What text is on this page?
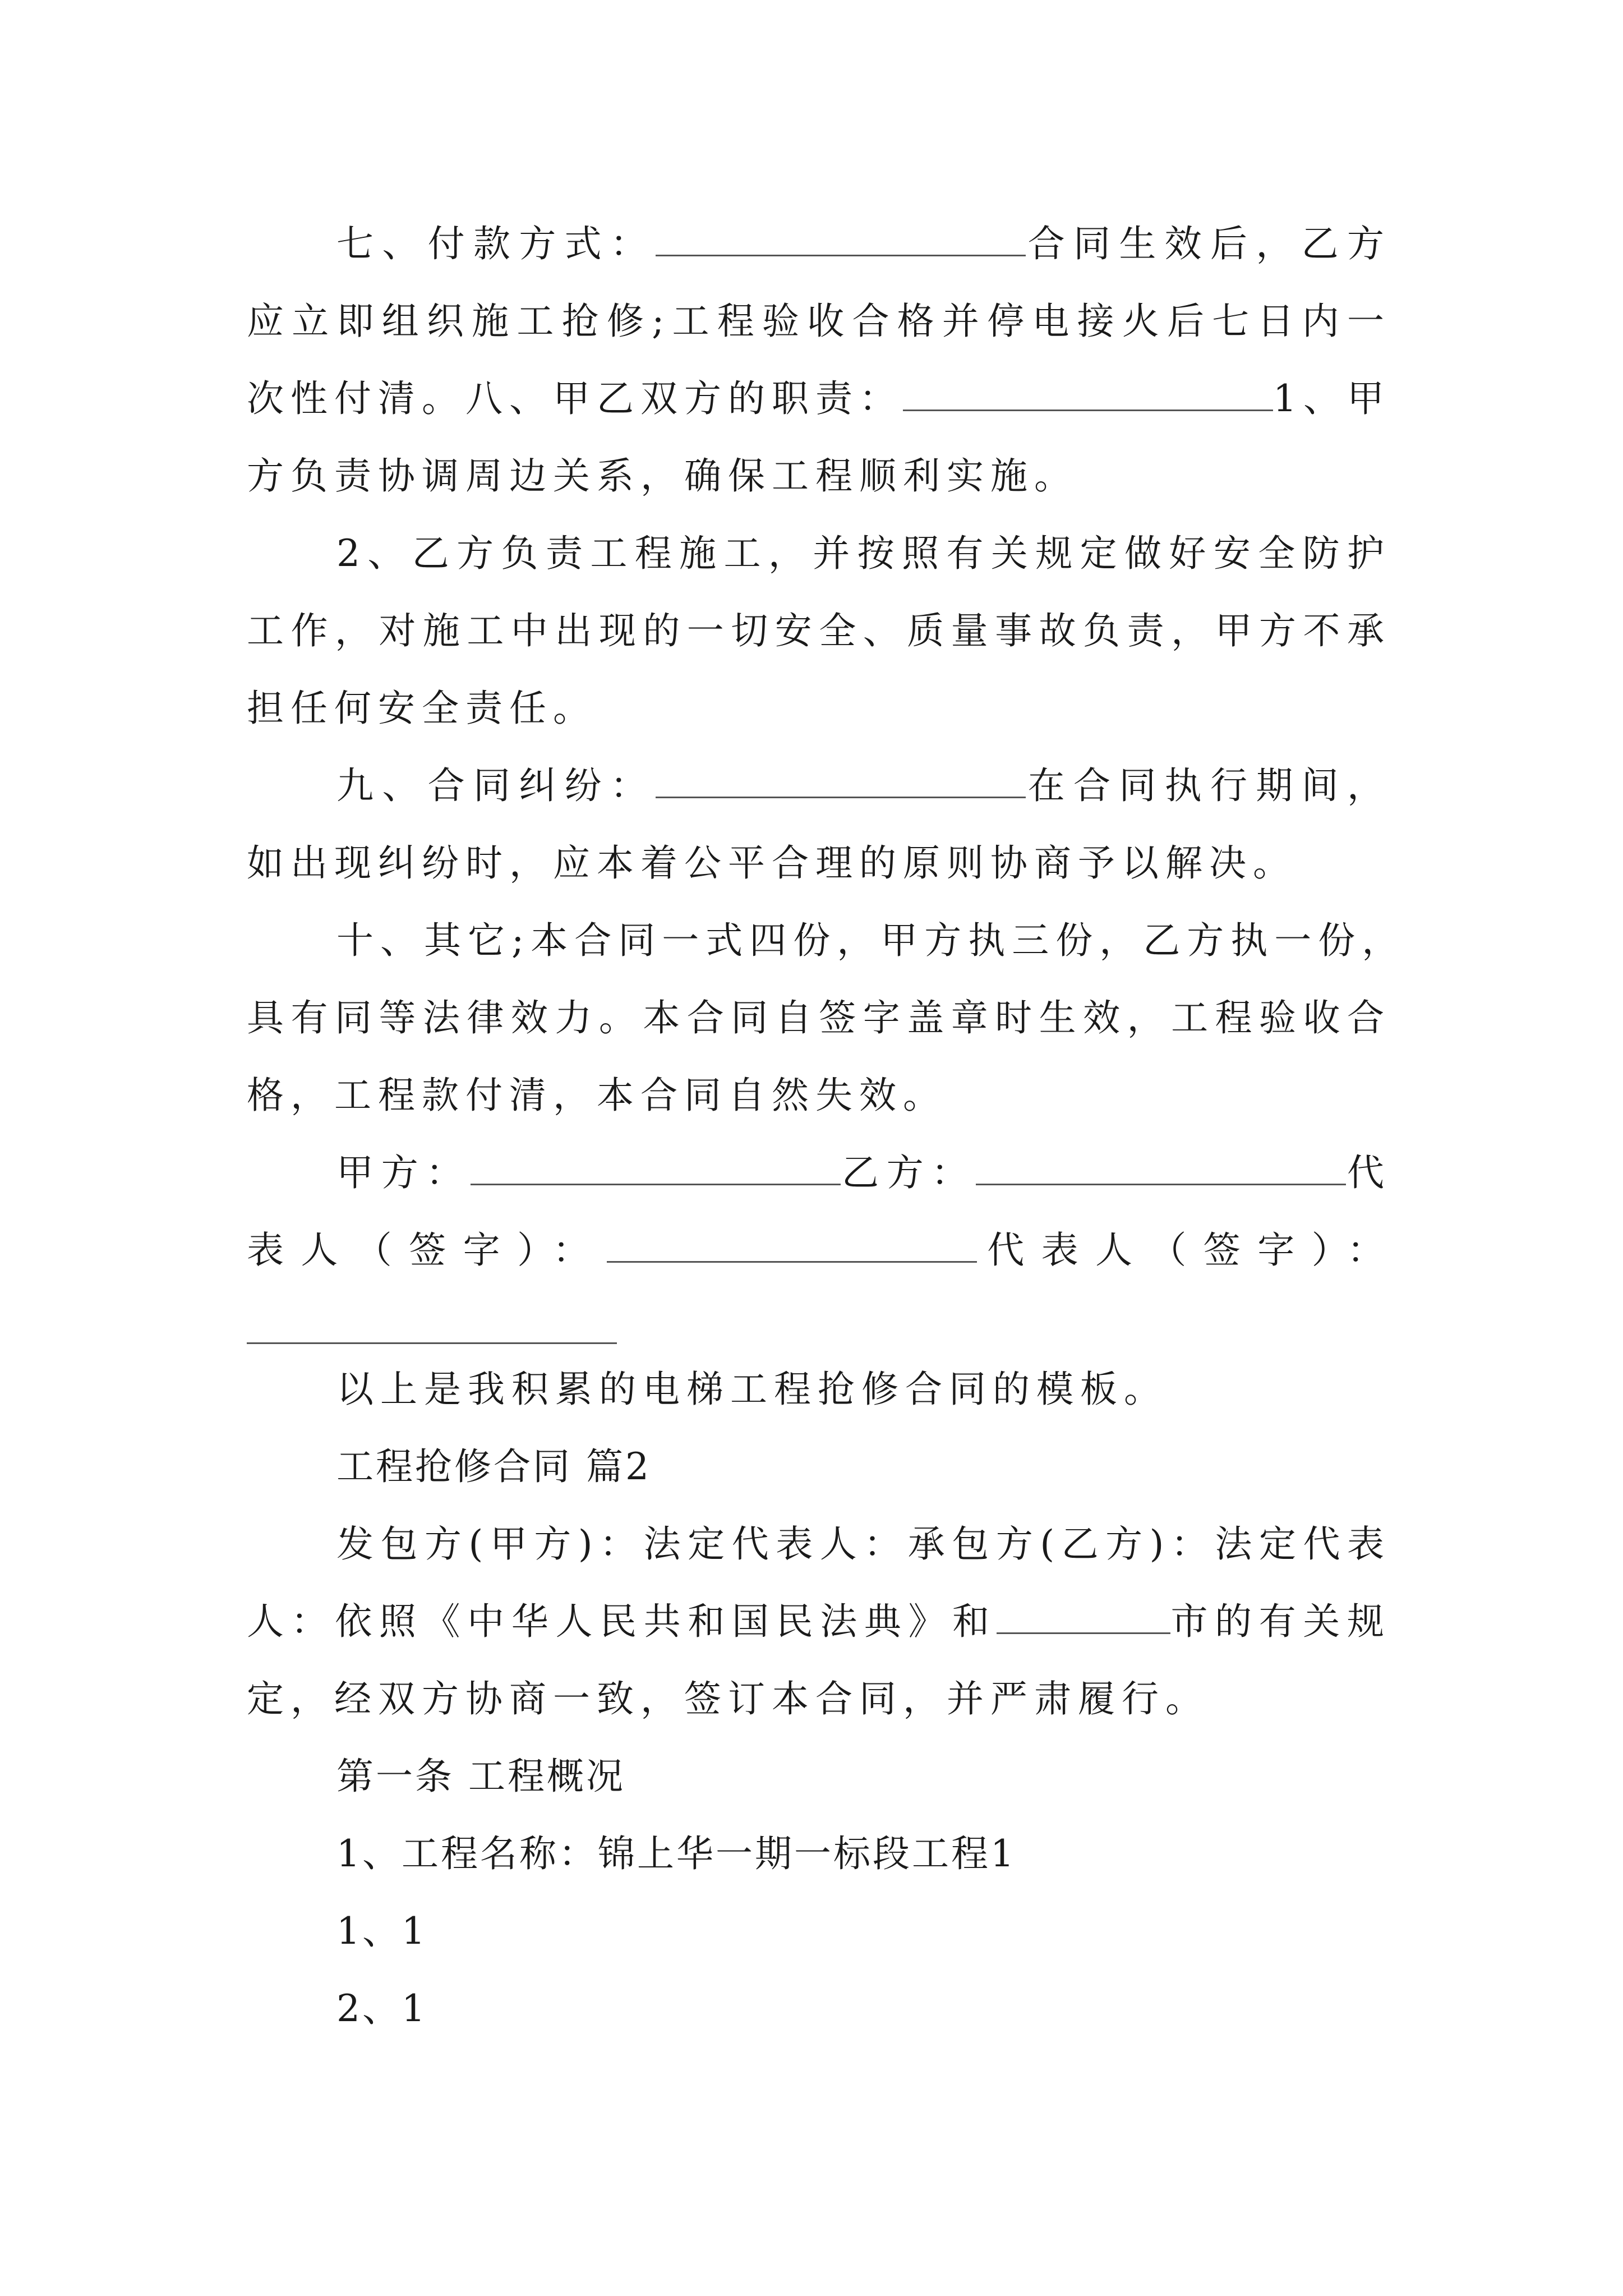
七、付款方式：	合同生效后，乙方
应立即组织施工抢修;工程验收合格并停电接火后七日内一
次性付清。八、甲乙双方的职责：	1、甲
方负责协调周边关系，确保工程顺利实施。
2、乙方负责工程施工，并按照有关规定做好安全防护
工作，对施工中出现的一切安全、质量事故负责，甲方不承
担任何安全责任。
九、合同纠纷：	在合同执行期间，
如出现纠纷时，应本着公平合理的原则协商予以解决。
十、其它;本合同一式四份，甲方执三份，乙方执一份，
具有同等法律效力。本合同自签字盖章时生效，工程验收合
格，工程款付清，本合同自然失效。
甲方：	乙方：	代
表人（签字）：	代表人（签字）：
以上是我积累的电梯工程抢修合同的模板。
工程抢修合同 篇2
发包方(甲方)：法定代表人：承包方(乙方)：法定代表
人：依照《中华人民共和国民法典》和	市的有关规
定，经双方协商一致，签订本合同，并严肃履行。
第一条 工程概况
1、工程名称：锦上华一期一标段工程1
1、1
2、1
